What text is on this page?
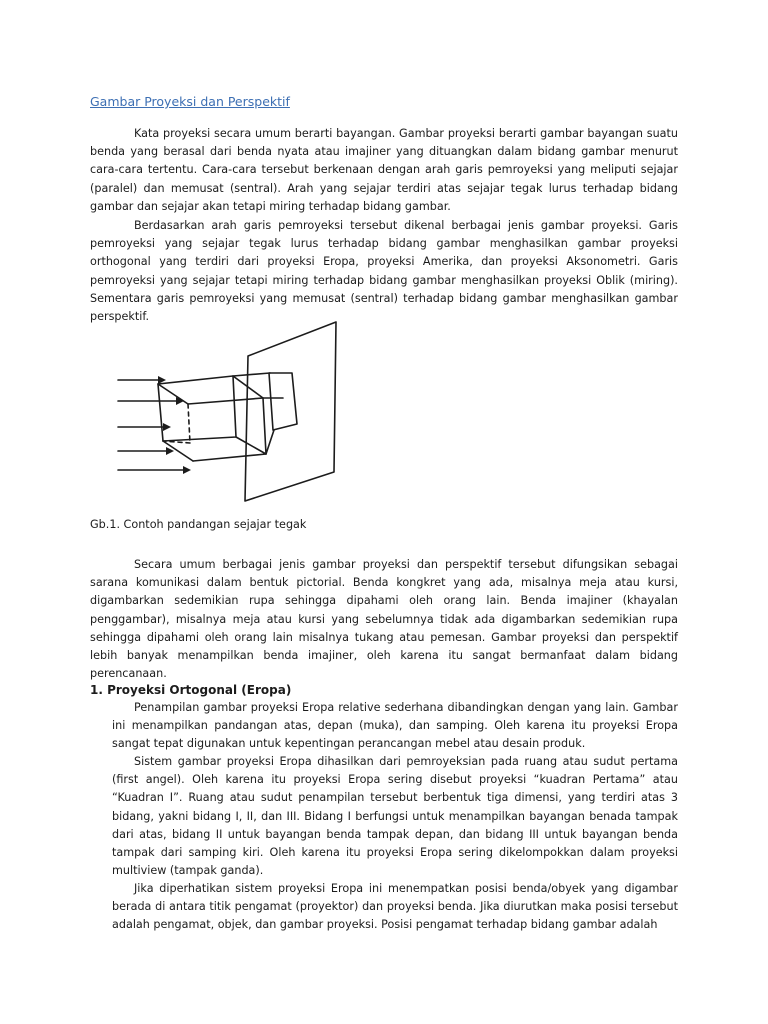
Gambar Proyeksi dan Perspektif

Kata proyeksi secara umum berarti bayangan. Gambar proyeksi berarti gambar bayangan suatu benda yang berasal dari benda nyata atau imajiner yang dituangkan dalam bidang gambar menurut cara-cara tertentu. Cara-cara tersebut berkenaan dengan arah garis pemroyeksi yang meliputi sejajar (paralel) dan memusat (sentral). Arah yang sejajar terdiri atas sejajar tegak lurus terhadap bidang gambar dan sejajar akan tetapi miring terhadap bidang gambar.

Berdasarkan arah garis pemroyeksi tersebut dikenal berbagai jenis gambar proyeksi. Garis pemroyeksi yang sejajar tegak lurus terhadap bidang gambar menghasilkan gambar proyeksi orthogonal yang terdiri dari proyeksi Eropa, proyeksi Amerika, dan proyeksi Aksonometri. Garis pemroyeksi yang sejajar tetapi miring terhadap bidang gambar menghasilkan proyeksi Oblik (miring). Sementara garis pemroyeksi yang memusat (sentral) terhadap bidang gambar menghasilkan gambar perspektif.

Gb.1. Contoh pandangan sejajar tegak

Secara umum berbagai jenis gambar proyeksi dan perspektif tersebut difungsikan sebagai sarana komunikasi dalam bentuk pictorial. Benda kongkret yang ada, misalnya meja atau kursi, digambarkan sedemikian rupa sehingga dipahami oleh orang lain. Benda imajiner (khayalan penggambar), misalnya meja atau kursi yang sebelumnya tidak ada digambarkan sedemikian rupa sehingga dipahami oleh orang lain misalnya tukang atau pemesan. Gambar proyeksi dan perspektif lebih banyak menampilkan benda imajiner, oleh karena itu sangat bermanfaat dalam bidang perencanaan.

1. Proyeksi Ortogonal (Eropa)

Penampilan gambar proyeksi Eropa relative sederhana dibandingkan dengan yang lain. Gambar ini menampilkan pandangan atas, depan (muka), dan samping. Oleh karena itu proyeksi Eropa sangat tepat digunakan untuk kepentingan perancangan mebel atau desain produk.

Sistem gambar proyeksi Eropa dihasilkan dari pemroyeksian pada ruang atau sudut pertama (first angel). Oleh karena itu proyeksi Eropa sering disebut proyeksi “kuadran Pertama” atau “Kuadran I”. Ruang atau sudut penampilan tersebut berbentuk tiga dimensi, yang terdiri atas 3 bidang, yakni bidang I, II, dan III. Bidang I berfungsi untuk menampilkan bayangan benada tampak dari atas, bidang II untuk bayangan benda tampak depan, dan bidang III untuk bayangan benda tampak dari samping kiri. Oleh karena itu proyeksi Eropa sering dikelompokkan dalam proyeksi multiview (tampak ganda).

Jika diperhatikan sistem proyeksi Eropa ini menempatkan posisi benda/obyek yang digambar berada di antara titik pengamat (proyektor) dan proyeksi benda. Jika diurutkan maka posisi tersebut adalah pengamat, objek, dan gambar proyeksi. Posisi pengamat terhadap bidang gambar adalah
